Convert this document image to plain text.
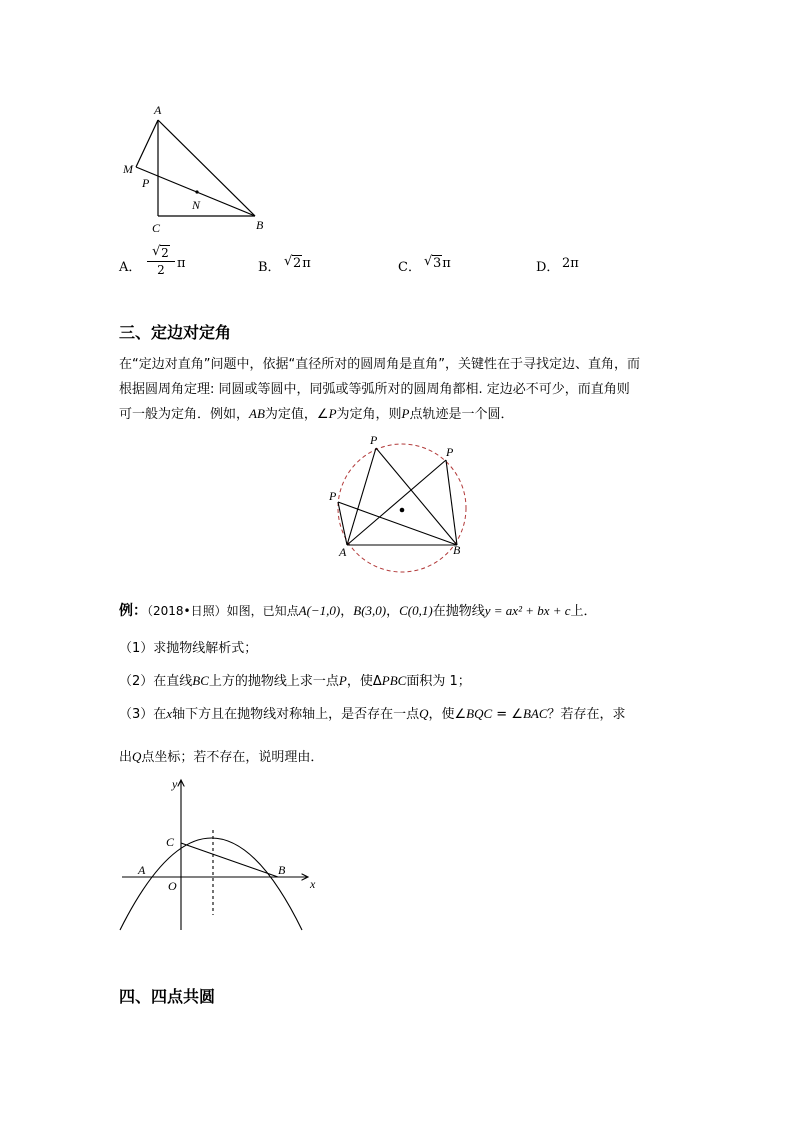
A
M
P
N
C	B
A．
√ 2
2 π	B． √ 2π	C． √ 3π	D． 2π
三、定边对定角
在“定边对直角”问题中，依据“直径所对的圆周角是直角”，关键性在于寻找定边、直角，而
根据圆周角定理: 同圆或等圆中，同弧或等弧所对的圆周角都相. 定边必不可少，而直角则
可一般为定角．例如，AB为定值，∠P为定角，则P点轨迹是一个圆．
P
P
P
A	B
例：（2018•日照）如图，已知点A(−1,0)，B(3,0)，C(0,1)在抛物线y = ax² + bx + c上．
（1）求抛物线解析式；
（2）在直线BC上方的抛物线上求一点P，使ΔPBC面积为 1；
（3）在x轴下方且在抛物线对称轴上，是否存在一点Q，使∠BQC = ∠BAC？若存在，求
出Q点坐标；若不存在，说明理由．
y
C
A
O
B
x
四、四点共圆
